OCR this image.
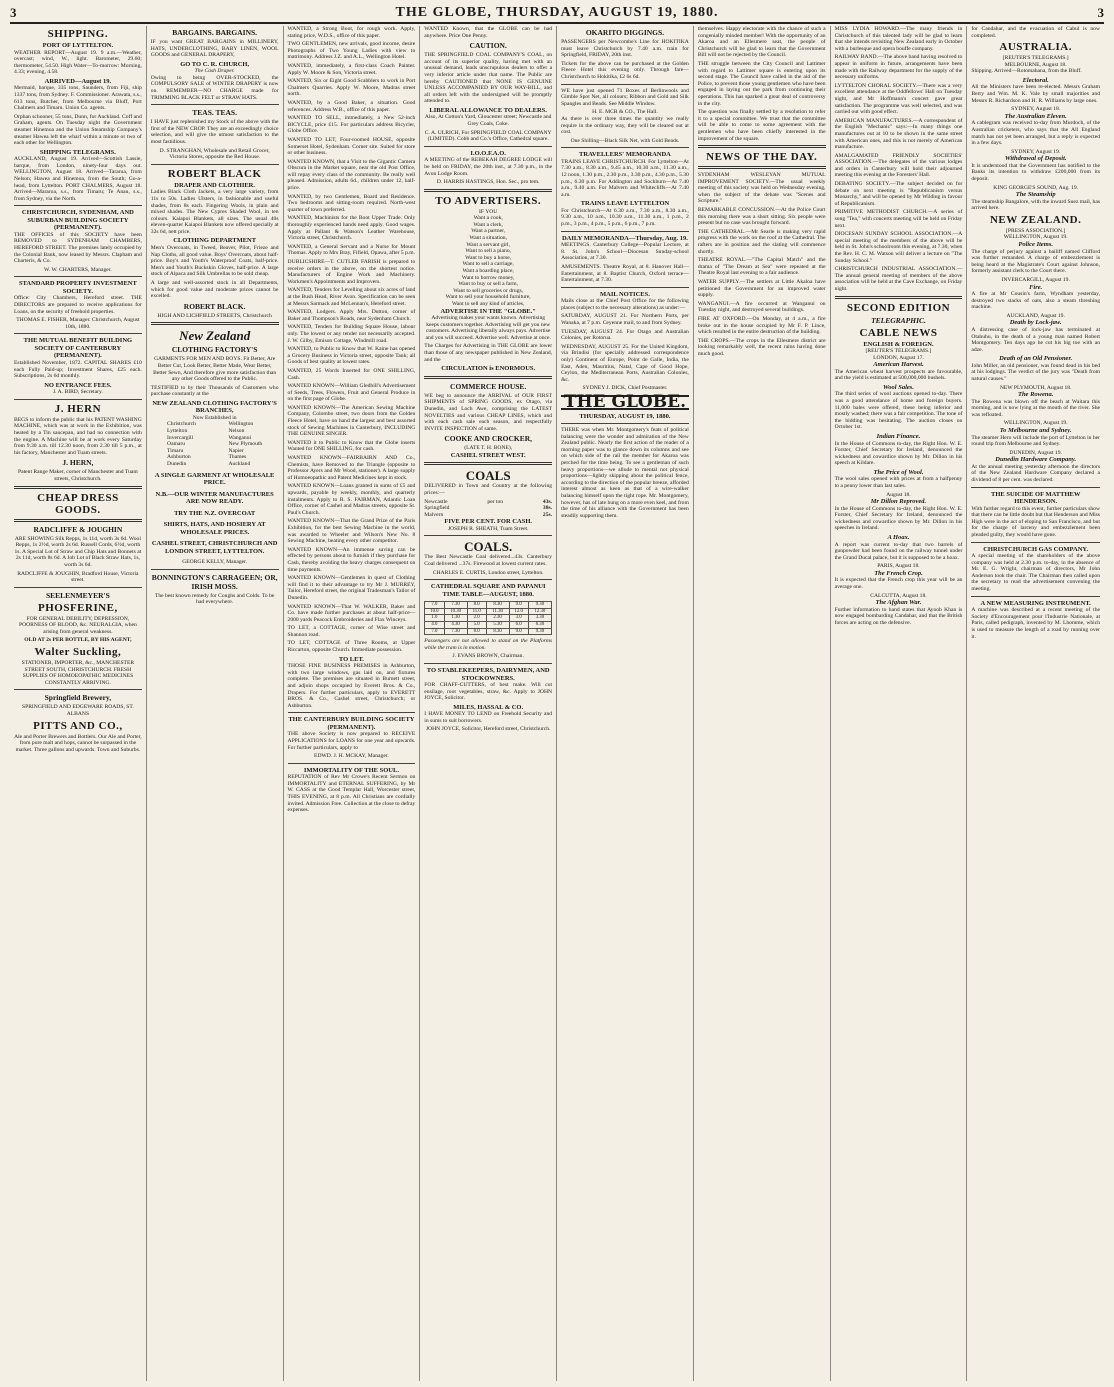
3	THE GLOBE, THURSDAY, AUGUST 19, 1880.	3
SHIPPING.
PORT OF LYTTELTON.
WEATHER REPORT—August 19. 9 a.m.—Weather, overcast; wind, W., light. Barometer, 29.60; thermometer, 54.50. High Water—To-morrow: Morning, 4.33; evening, 4.58.
ARRIVED—August 19.
Mermaid, barque, 335 tons, Saunders, from Fiji, ship 1337 tons, from Sydney. F. Commissioner. Arawata, s.s., 613 tons, Butcher, from Melbourne via Bluff, Port Chalmers and Timaru. Union Co. agents.
Orphan schooner, 55 tons, Dunn, for Auckland. Coff and Graham, agents. On Tuesday night the Government steamer Hinemoa and the Union Steamship Company's steamer Hawea left the wharf within a minute or two of each other for Wellington.
SHIPPING TELEGRAMS.
AUCKLAND, August 19. Arrived—Scottish Lassie, barque, from London, ninety-four days out. WELLINGTON, August 18. Arrived—Tararua, from Nelson; Hawea and Hinemoa, from the South; Go-a-head, from Lyttelton. PORT CHALMERS, August 18. Arrived—Mararoa, s.s., from Timaru; Te Anau, s.s., from Sydney, via the North.
CHRISTCHURCH, SYDENHAM, AND SUBURBAN BUILDING SOCIETY (PERMANENT).
THE OFFICES of this SOCIETY have been REMOVED to SYDENHAM CHAMBERS, HEREFORD STREET. The premises lately occupied by the Colonial Bank, now leased by Messrs. Clapham and Charteris, & Co.
W. W. CHARTERS, Manager.
STANDARD PROPERTY INVESTMENT SOCIETY.
Office: City Chambers, Hereford street. THE DIRECTORS are prepared to receive applications for Loans, on the security of freehold properties.
THOMAS E. FISHER, Manager. Christchurch, August 10th, 1880.
THE MUTUAL BENEFIT BUILDING SOCIETY OF CANTERBURY (PERMANENT).
Established November, 1872. CAPITAL SHARES £10 each Fully Paid-up; Investment Shares, £25 each. Subscriptions, 2s 6d monthly.
NO ENTRANCE FEES.
J. A. BIRD, Secretary.
J. HERN
BEGS to inform the public that his PATENT WASHING MACHINE, which was at work in the Exhibition, was heated by a Tin saucepan, and had no connection with the engine. A Machine will be at work every Saturday from 9.30 a.m. till 12.30 noon, from 2.30 till 5 p.m., at his factory, Manchester and Tuam streets.
J. HERN,
Patent Range Maker, corner of Manchester and Tuam streets, Christchurch.
CHEAP DRESS GOODS.
RADCLIFFE & JOUGHIN
ARE SHOWING Silk Repps, 1s 11d, worth 3s 6d. Wool Repps, 1s 2½d, worth 2s 6d. Russell Cords, 6½d, worth 1s. A Special Lot of Straw and Chip Hats and Bonnets at 2s 11d, worth 8s 6d. A Job Lot of Black Straw Hats, 1s, worth 3s 6d.
RADCLIFFE & JOUGHIN, Bradford House, Victoria street.
SEELENMEYER'S
PHOSFERINE,
FOR GENERAL DEBILITY, DEPRESSION, POORNESS OF BLOOD, &c. NEURALGIA, when arising from general weakness.
OLD AT 2s PER BOTTLE, BY HIS AGENT,
Walter Suckling,
STATIONER, IMPORTER, &c., MANCHESTER STREET SOUTH, CHRISTCHURCH. FRESH SUPPLIES OF HOMOEOPATHIC MEDICINES CONSTANTLY ARRIVING.
Springfield Brewery,
SPRINGFIELD AND EDGEWARE ROADS, ST. ALBANS
PITTS AND CO.,
Ale and Porter Brewers and Bottlers. Our Ale and Porter, from pure malt and hops, cannot be surpassed in the market. Three gallons and upwards. Town and Suburbs.
BARGAINS. BARGAINS.
IF you want GREAT BARGAINS in MILLINERY, HATS, UNDERCLOTHING, BABY LINEN, WOOL GOODS and GENERAL DRAPERY,
GO TO C. R. CHURCH,
The Cash Draper.
Owing to being OVER-STOCKED, the COMPULSORY SALE of WINTER DRAPERY is now on. REMEMBER—NO CHARGE made for TRIMMING BLACK FELT or STRAW HATS.
TEAS. TEAS.
I HAVE just replenished my Stock of the above with the first of the NEW CROP. They are an exceedingly choice selection, and will give the utmost satisfaction to the most fastidious.
D. STRANGHAN, Wholesale and Retail Grocer, Victoria Stores, opposite the Red House.
ROBERT BLACK
DRAPER AND CLOTHIER.
Ladies Black Cloth Jackets, a very large variety, from 11s to 50s. Ladies Ulsters, in fashionable and useful shades, from 8s each. Fingering Wools, in plain and mixed shades. The New Cypres Shaded Wool, in ten colours. Kaiapoi Blankets, all sizes. The usual 40s eleven-quarter Kaiapoi Blankets now offered specially at 32s 6d, nett price.
CLOTHING DEPARTMENT
Men's Overcoats, in Tweed, Beaver, Pilot, Frieze and Nap Cloths, all good value. Boys' Overcoats, about half-price. Boy's and Youth's Waterproof Coats, half-price. Men's and Youth's Buckskin Gloves, half-price. A large stock of Alpaca and Silk Umbrellas to be sold cheap.
A large and well-assorted stock in all Departments, which for good value and moderate prices cannot be excelled.
ROBERT BLACK.
HIGH AND LICHFIELD STREETS, Christchurch
New Zealand
CLOTHING FACTORY'S
GARMENTS FOR MEN AND BOYS. Fit Better, Are Better Cut, Look Better, Better Made, Wear Better, Better Sewn, And therefore give more satisfaction than any other Goods offered to the Public.
TESTIFIED to by their Thousands of Customers who purchase constantly at the
NEW ZEALAND CLOTHING FACTORY'S BRANCHES,
Now Established in
Christchurch
Lyttelton
Invercargill
Oamaru
Timaru
Ashburton
Dunedin
Wellington
Nelson
Wanganui
New Plymouth
Napier
Thames
Auckland
A SINGLE GARMENT AT WHOLESALE PRICE.
N.B.—OUR WINTER MANUFACTURES ARE NOW READY.
TRY THE N.Z. OVERCOAT
SHIRTS, HATS, AND HOSIERY AT WHOLESALE PRICES.
CASHEL STREET, CHRISTCHURCH AND LONDON STREET, LYTTELTON.
GEORGE KELLY, Manager.
BONNINGTON'S CARRAGEEN; OR, IRISH MOSS.
The best known remedy for Coughs and Colds. To be had everywhere.
WANTED, a Strong Boot, for rough work. Apply, stating price, W.D.S., office of this paper.
TWO GENTLEMEN, new arrivals, good income, desire Photographs of Two Young Ladies with view to matrimony. Address J.Z. and A.L., Wellington Hotel.
WANTED, immediately, a first-class Coach Painter. Apply W. Moore & Son, Victoria street.
WANTED, Six or Eight Good Scabblers to work in Port Chalmers Quarries. Apply W. Moore, Madras street north.
WANTED, by a Good Baker, a situation. Good references. Address W.B., office of this paper.
WANTED TO SELL, immediately, a New 52-inch BICYCLE, price £15. For particulars address Bicycler, Globe Office.
WANTED TO LET, Four-roomed HOUSE, opposite Somerset Hotel, Sydenham. Corner site. Suited for store or other business.
WANTED KNOWN, that a Visit to the Gigantic Camera Obscura in the Market square, near the old Post Office, will repay every class of the community. Be really well pleased. Admission, adults 6d., children under 12, half-price.
WANTED, by two Gentlemen, Board and Residence. Two bedrooms and sitting-room required. North-west quarter of town preferred.
WANTED, Machinists for the Boot Upper Trade. Only thoroughly experienced hands need apply. Good wages. Apply at Pallant & Watson's Leather Warehouse, Victoria street, Christchurch.
WANTED, a General Servant and a Nurse for Mount Thomas. Apply to Mrs Bray, Fifield, Opawa, after 5 p.m.
DUBLICSHIRE—T. CUTLER FARISH is prepared to receive orders in the above, on the shortest notice. Manufacturers of Engine Work and Machinery. Workmen's Appointments and Improvers.
WANTED, Tenders for Levelling about six acres of land at the Bush Head, River Avon. Specification can be seen at Messrs Sarmack and McLennan's, Hereford street.
WANTED, Lodgers. Apply Mrs. Dutton, corner of Baker and Thompson's Roads, near Sydenham Church.
WANTED, Tenders for Building Square House, labour only. The lowest or any tender not necessarily accepted. J. W. Gilby, Emison Cottage, Windmill road.
WANTED, to Public to Know that W. Kaine has opened a Grocery Business in Victoria street, opposite Tank; all Goods of best quality at lowest rates.
WANTED, 25 Words Inserted for ONE SHILLING, Cash.
WANTED KNOWN—William Gledhill's Advertisement of Seeds, Trees, Flowers, Fruit and General Produce in on the first page of Globe.
WANTED KNOWN—The American Sewing Machine Company, Colombo street, two doors from the Golden Fleece Hotel, have on hand the largest and best assorted stock of Sewing Machines in Canterbury, INCLUDING THE GENUINE SINGER.
WANTED it to Public to Know that the Globe inserts Wanted for ONE SHILLING, for cash.
WANTED KNOWN—FAIRBAIRN AND Co., Chemists, have Removed to the Triangle (opposite to Professor Ayers and Mr Wood, stationer). A large supply of Homoeopathic and Patent Medicines kept in stock.
WANTED KNOWN—Loans granted in sums of £5 and upwards, payable by weekly, monthly, and quarterly instalments. Apply to R. S. FAIRMAN, Atlantic Loan Office, corner of Cashel and Madras streets, opposite St. Paul's Church.
WANTED KNOWN—That the Grand Prize of the Paris Exhibition, for the best Sewing Machine in the world, was awarded to Wheeler and Wilson's New No. 8 Sewing Machine, beating every other competitor.
WANTED KNOWN—An immense saving can be effected by persons about to furnish if they purchase for Cash, thereby avoiding the heavy charges consequent on time payments.
WANTED KNOWN—Gentlemen in quest of Clothing will find it to their advantage to try Mr J. MURREY, Tailor, Hereford street, the original Tradesman's Tailor of Dunedin.
WANTED KNOWN—That W. WALKER, Baker and Co. have made further purchases at about half-price—2000 yards Peacock Embroideries and Flax Winceys.
TO LET, a COTTAGE, corner of Wise street and Shannon road.
TO LET, COTTAGE of Three Rooms, at Upper Riccarton, opposite Church. Immediate possession.
TO LET.
THOSE FINE BUSINESS PREMISES in Ashburton, with two large windows, gas laid on, and fixtures complete. The premises are situated in Burnett street, and adjoin shops occupied by Everett Bros. & Co., Drapers. For further particulars, apply to EVERETT BROS. & Co., Cashel street, Christchurch; or Ashburton.
THE CANTERBURY BUILDING SOCIETY (PERMANENT).
THE above Society is now prepared to RECEIVE APPLICATIONS for LOANS for one year and upwards. For further particulars, apply to
EDWD. J. H. MCKAY, Manager.
IMMORTALITY OF THE SOUL.
REPUTATION of Rev Mr Crowe's Recent Sermon on IMMORTALITY and ETERNAL SUFFERING, by Mr W. CASS at the Good Templar Hall, Worcester street, THIS EVENING, at 8 p.m. All Christians are cordially invited. Admission Free. Collection at the close to defray expenses.
WANTED Known, that the GLOBE can be had anywhere. Price One Penny.
CAUTION.
THE SPRINGFIELD COAL COMPANY'S COAL, on account of its superior quality, having met with an unusual demand, leads unscrupulous dealers to offer a very inferior article under that name. The Public are hereby CAUTIONED that NONE IS GENUINE UNLESS ACCOMPANIED BY OUR WAY-BILL, and all orders left with the undersigned will be promptly attended to.
LIBERAL ALLOWANCE TO DEALERS.
Also, At Cotton's Yard, Gloucester street; Newcastle and Grey Coals, Coke.
C. A. ULRICH, For SPRINGFIELD COAL COMPANY (LIMITED). Cobb and Co.'s Office, Cathedral square.
I.O.O.F.A.O.
A MEETING of the REBEKAH DEGREE LODGE will be held on FRIDAY, the 20th inst., at 7.30 p.m., in the Avon Lodge Room.
D. HARRIS HASTINGS, Hon. Sec., pro tem.
TO ADVERTISERS.
IF YOU
Want a cook,
Want a clerk,
Want a partner,
Want a situation,
Want a servant girl,
Want to sell a piano,
Want to buy a horse,
Want to sell a carriage,
Want a boarding place,
Want to borrow money,
Want to buy or sell a farm,
Want to sell groceries or drugs,
Want to sell your household furniture,
Want to sell any kind of articles,
ADVERTISE IN THE "GLOBE."
Advertising makes your wants known. Advertising keeps customers together. Advertising will get you new customers. Advertising liberally always pays. Advertise and you will succeed. Advertise well. Advertise at once.
The Charges for Advertising in THE GLOBE are lower than those of any newspaper published in New Zealand, and the
CIRCULATION is ENORMOUS.
COMMERCE HOUSE.
WE beg to announce the ARRIVAL of OUR FIRST SHIPMENTS of SPRING GOODS, ex Otago, via Dunedin, and Loch Awe, comprising the LATEST NOVELTIES and various CHEAP LINES, which and with each cash sale each season, and respectfully INVITE INSPECTION of same.
COOKE AND CROCKER,
(LATE T. H. BONE),
CASHEL STREET WEST.
COALS
DELIVERED in Town and Country at the following prices:—
Newcastle	per ton	43s.
Springfield	38s.
Malvern	25s.
FIVE PER CENT. FOR CASH.
JOSEPH R. SHEATH, Tuam Street.
COALS.
The Best Newcastle Coal delivered...43s. Canterbury Coal delivered ...37s. Firewood at lowest current rates.
CHARLES E. CURTIS, London street, Lyttelton.
CATHEDRAL SQUARE AND PAPANUI TIME TABLE—AUGUST, 1880.
7.0	7.30	8.0	8.30	9.0	9.30
10.0	10.30	11.0	11.30	12.0	12.30
1.0	1.30	2.0	2.30	3.0	3.30
4.0	4.30	5.0	5.30	6.0	6.30
7.0	7.30	8.0	8.30	9.0	9.30
Passengers are not allowed to stand on the Platforms while the tram is in motion.
J. EVANS BROWN, Chairman.
TO STABLEKEEPERS, DAIRYMEN, AND STOCKOWNERS.
FOR CHAFF-CUTTERS, of best make. Will cut ensilage, root vegetables, straw, &c. Apply to JOHN JOYCE, Solicitor.
MILES, HASSAL & CO.
I HAVE MONEY TO LEND on Freehold Security and in sums to suit borrowers.
JOHN JOYCE, Solicitor, Hereford street, Christchurch.
OKARITO DIGGINGS.
PASSENGERS per Newcombe's Line for HOKITIKA must leave Christchurch by 7.40 a.m. train for Springfield, FRIDAY, 20th inst.
Tickets for the above can be purchased at the Golden Fleece Hotel this evening only. Through fare—Christchurch to Hokitika, £2 6s 6d.
WE have just opened 71 Boxes of Berlinwools and Gimble Spot Net, all colours; Ribbon and Gold and Silk Spangles and Beads. See Middle Window.
H. E. MCR & CO., The Hall.
As there is over three times the quantity we really require in the ordinary way, they will be cleared out at cost.
One Shilling—Black Silk Net, with Gold Beads.
TRAVELLERS' MEMORANDA
TRAINS LEAVE CHRISTCHURCH. For Lyttelton—At 7.30 a.m., 8.30 a.m., 9.45 a.m., 10.30 a.m., 11.30 a.m., 12 noon, 1.30 p.m., 2.30 p.m., 3.30 p.m., 4.30 p.m., 5.30 p.m., 6.30 p.m. For Addington and Sockburn—At 7.40 a.m., 9.40 a.m. For Malvern and Whitecliffs—At 7.40 a.m.
TRAINS LEAVE LYTTELTON
For Christchurch—At 6.30 a.m., 7.30 a.m., 8.30 a.m., 9.30 a.m., 10 a.m., 10.30 a.m., 11.30 a.m., 1 p.m., 2 p.m., 3 p.m., 4 p.m., 5 p.m., 6 p.m., 7 p.m.
DAILY MEMORANDA—Thursday, Aug. 19.
MEETINGS. Canterbury College—Popular Lecture, at 8. St. John's School—Diocesan Sunday-school Association, at 7.30.
AMUSEMENTS. Theatre Royal, at 8. Hanover Hall—Entertainment, at 8. Baptist Church, Oxford terrace—Entertainment, at 7.30.
MAIL NOTICES.
Mails close at the Chief Post Office for the following places (subject to the necessary alterations) as under:—
SATURDAY, AUGUST 21. For Northern Ports, per Wanaka, at 7 p.m. Ceyenne mail, to and from Sydney.
TUESDAY, AUGUST 24. For Otago and Australian Colonies, per Rotorua.
WEDNESDAY, AUGUST 25. For the United Kingdom, via Brindisi (for specially addressed correspondence only) Continent of Europe, Point de Galle, India, the East, Aden, Mauritius, Natal, Cape of Good Hope, Ceylon, the Mediterranean Ports, Australian Colonies, &c.
SYDNEY J. DICK, Chief Postmaster.
THE GLOBE.
THURSDAY, AUGUST 19, 1880.
THERE was when Mr. Montgomery's feats of political balancing were the wonder and admiration of the New Zealand public. Nearly the first action of the reader of a morning paper was to glance down its columns and see on which side of the rail the member for Akaroa was perched for the time being. To see a gentleman of such heavy proportions—we allude to mental not physical proportions—lightly skipping about the political fence, according to the direction of the popular breeze, afforded interest almost as keen as that of a wire-walker balancing himself upon the tight rope. Mr. Montgomery, however, has of late hung on a more even keel, and from the time of his alliance with the Government has been steadily supporting them.
themselves. Happy electorate with the chance of such a congenially minded member! With the opportunity of an Akaroa and an Ellesmere seat, the people of Christchurch will be glad to learn that the Government Bill will not be rejected by the Council.
THE struggle between the City Council and Lattimer with regard to Lattimer square is entering upon its second stage. The Council have called in the aid of the Police, to prevent those young gentlemen who have been engaged in laying out the park from continuing their operations. This has sparked a great deal of controversy in the city.
The question was finally settled by a resolution to refer it to a special committee. We trust that the committee will be able to come to some agreement with the gentlemen who have been chiefly interested in the improvement of the square.
NEWS OF THE DAY.
SYDENHAM WESLEYAN MUTUAL IMPROVEMENT SOCIETY.—The usual weekly meeting of this society was held on Wednesday evening, when the subject of the debate was "Scenes and Scripture."
REMARKABLE CONCUSSION.—At the Police Court this morning there was a short sitting. Six people were present but no case was brought forward.
THE CATHEDRAL.—Mr Searle is making very rapid progress with the work on the roof at the Cathedral. The rafters are in position and the slating will commence shortly.
THEATRE ROYAL.—"The Capital Match" and the drama of "The Dream at Sea" were repeated at the Theatre Royal last evening to a fair audience.
WATER SUPPLY.—The settlers at Little Akaloa have petitioned the Government for an improved water supply.
WANGANUI.—A fire occurred at Wanganui on Tuesday night, and destroyed several buildings.
FIRE AT OXFORD.—On Monday, at 4 a.m., a fire broke out in the house occupied by Mr F. P. Lince, which resulted in the entire destruction of the building.
THE CROPS.—The crops in the Ellesmere district are looking remarkably well, the recent rains having done much good.
MISS LYDIA HOWARD.—The many friends in Christchurch of this talented lady will be glad to learn that she intends revisiting New Zealand early in October with a burlesque and opera bouffe company.
RAILWAY BAND.—The above band having resolved to appear in uniform in future, arrangements have been made with the Railway department for the supply of the necessary uniforms.
LYTTELTON CHORAL SOCIETY.—There was a very excellent attendance at the Oddfellows' Hall on Tuesday night, and Mr Hoffmann's concert gave great satisfaction. The programme was well selected, and was carried out with good effect.
AMERICAN MANUFACTURES.—A correspondent of the English "Mechanic" says:—In many things one manufactures out at 10 to be shown in the same street with American ones, and this is not merely of American manufacture.
AMALGAMATED FRIENDLY SOCIETIES' ASSOCIATION.—The delegates of the various lodges and orders in Canterbury will hold their adjourned meeting this evening at the Foresters' Hall.
DEBATING SOCIETY.—The subject decided on for debate on next meeting is "Republicanism versus Monarchy," and will be opened by Mr Wilding in favour of Republicanism.
PRIMITIVE METHODIST CHURCH.—A series of song "Tea," with concerts meeting will be held on Friday next.
DIOCESAN SUNDAY SCHOOL ASSOCIATION.—A special meeting of the members of the above will be held in St. John's schoolroom this evening, at 7.30, when the Rev. H. C. M. Watson will deliver a lecture on "The Sunday School."
CHRISTCHURCH INDUSTRIAL ASSOCIATION.—The annual general meeting of members of the above association will be held at the Cave Exchange, on Friday night.
SECOND EDITION
TELEGRAPHIC.
CABLE NEWS
ENGLISH & FOREIGN.
[REUTER'S TELEGRAMS.]
LONDON, August 17.
American Harvest.
The American wheat harvest prospects are favourable, and the yield is estimated at 500,000,000 bushels.
Wool Sales.
The third series of wool auctions opened to-day. There was a good attendance of home and foreign buyers. 11,000 bales were offered, these being inferior and mostly washed; there was a fair competition. The tone of the bidding was hesitating. The auction closes on October 1st.
Indian Finance.
In the House of Commons to-day, the Right Hon. W. E. Forster, Chief Secretary for Ireland, denounced the wickedness and cowardice shown by Mr. Dillon in his speech at Kildare.
The Price of Wool.
The wool sales opened with prices at from a halfpenny to a penny lower than last sales.
August 18.
Mr Dillon Reproved.
In the House of Commons to-day, the Right Hon. W. E. Forster, Chief Secretary for Ireland, denounced the wickedness and cowardice shown by Mr. Dillon in his speeches in Ireland.
A Hoax.
A report was current to-day that two barrels of gunpowder had been found on the railway tunnel under the Grand Ducal palace, but it is supposed to be a hoax.
PARIS, August 18.
The French Crop.
It is expected that the French crop this year will be an average one.
CALCUTTA, August 18.
The Afghan War.
Further information to hand states that Ayoob Khan is now engaged bombarding Candahar, and that the British forces are acting on the defensive.
for Candahar, and the evacuation of Cabul is now completed.
AUSTRALIA.
[REUTER'S TELEGRAMS.]
MELBOURNE, August 18.
Shipping. Arrived—Rotomahana, from the Bluff.
Electoral.
All the Ministers have been re-elected. Messrs Graham Berry and Wm. M. K. Vale by small majorities and Messrs R. Richardson and H. R. Williams by large ones.
SYDNEY, August 18.
The Australian Eleven.
A cablegram was received to-day from Murdoch, of the Australian cricketers, who says that the All England match has not yet been arranged, but a reply is expected in a few days.
SYDNEY, August 19.
Withdrawal of Deposit.
It is understood that the Government has notified to the Banks its intention to withdraw £200,000 from its deposit.
KING GEORGE'S SOUND, Aug. 19.
The Steamship
The steamship Bangalore, with the inward Suez mail, has arrived here.
NEW ZEALAND.
[PRESS ASSOCIATION.]
WELLINGTON, August 19.
Police Items.
The charge of perjury against a bailiff named Clifford was further remanded. A charge of embezzlement is being heard at the Magistrate's Court against Johnson, formerly assistant clerk to the Court there.
INVERCARGILL, August 19.
Fire.
A fire at Mr Cousin's farm, Wyndham yesterday, destroyed two stacks of oats, also a steam threshing machine.
AUCKLAND, August 19.
Death by Lock-jaw.
A distressing case of lock-jaw has terminated at Otahuhu, in the death of a young man named Robert Montgomery. Ten days ago he cut his big toe with an adze.
Death of an Old Pensioner.
John Miller, an old pensioner, was found dead in his bed at his lodgings. The verdict of the jury was "Death from natural causes."
NEW PLYMOUTH, August 18.
The Rowena.
The Rowena was blown off the beach at Waitara this morning, and is now lying at the mouth of the river. She was refloated.
WELLINGTON, August 19.
To Melbourne and Sydney.
The steamer Hero will include the port of Lyttelton in her round trip from Melbourne and Sydney.
DUNEDIN, August 19.
Dunedin Hardware Company.
At the annual meeting yesterday afternoon the directors of the New Zealand Hardware Company declared a dividend of 8 per cent. was declared.
THE SUICIDE OF MATTHEW HENDERSON.
With further regard to this event, further particulars show that there can be little doubt but that Henderson and Miss High were in the act of eloping to San Francisco, and but for the charge of larceny and embezzlement been pleaded guilty, they would have gone.
CHRISTCHURCH GAS COMPANY.
A special meeting of the shareholders of the above company was held at 2.30 p.m. to-day, in the absence of Mr. E. G. Wright, chairman of directors, Mr John Anderson took the chair. The Chairman then called upon the secretary to read the advertisement convening the meeting.
A NEW MEASURING INSTRUMENT.
A machine was described at a recent meeting of the Society d'Encouragement pour l'Industrie Nationale, at Paris, called pedigraph, invented by M. Lhomme, which is used to measure the length of a road by running over it.
